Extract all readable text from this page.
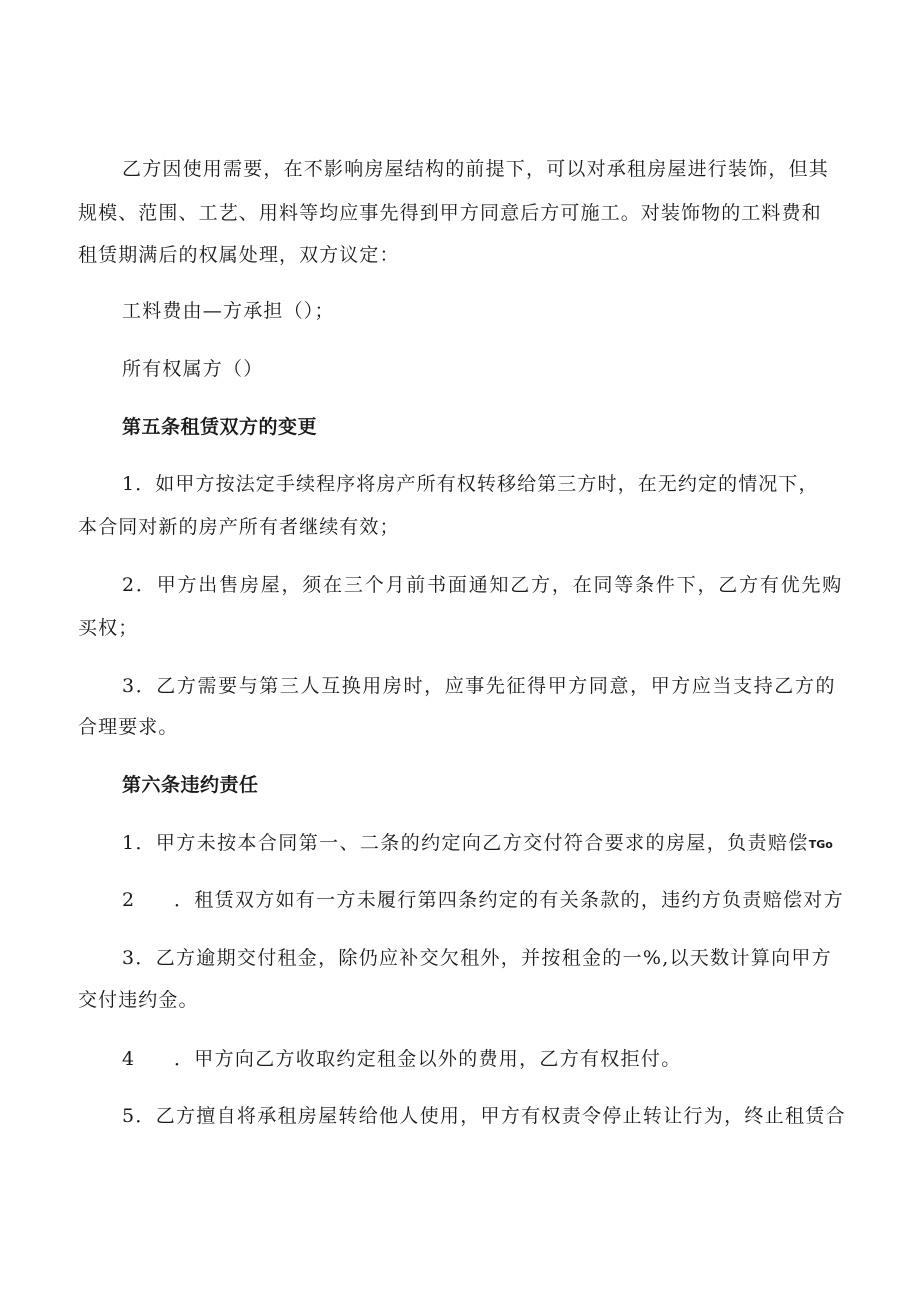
乙方因使用需要，在不影响房屋结构的前提下，可以对承租房屋进行装饰，但其
规模、范围、工艺、用料等均应事先得到甲方同意后方可施工。对装饰物的工料费和
租赁期满后的权属处理，双方议定：
工料费由—方承担（）；
所有权属方（）
第五条租赁双方的变更
1．如甲方按法定手续程序将房产所有权转移给第三方时，在无约定的情况下，
本合同对新的房产所有者继续有效；
2．甲方出售房屋，须在三个月前书面通知乙方，在同等条件下，乙方有优先购
买权；
3．乙方需要与第三人互换用房时，应事先征得甲方同意，甲方应当支持乙方的
合理要求。
第六条违约责任
1．甲方未按本合同第一、二条的约定向乙方交付符合要求的房屋，负责赔偿TGo
2 ．租赁双方如有一方未履行第四条约定的有关条款的，违约方负责赔偿对方
3．乙方逾期交付租金，除仍应补交欠租外，并按租金的一%,以天数计算向甲方
交付违约金。
4 ．甲方向乙方收取约定租金以外的费用，乙方有权拒付。
5．乙方擅自将承租房屋转给他人使用，甲方有权责令停止转让行为，终止租赁合
